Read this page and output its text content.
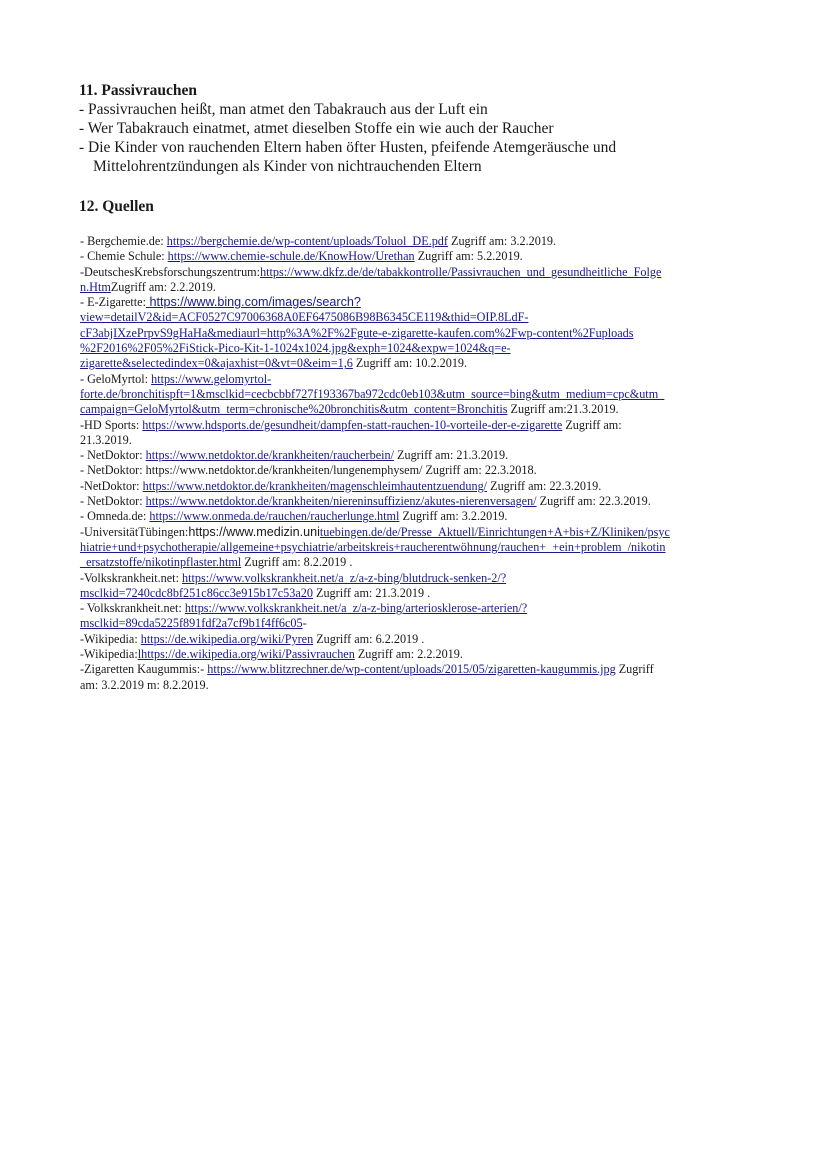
11. Passivrauchen
- Passivrauchen heißt, man atmet den Tabakrauch aus der Luft ein
- Wer Tabakrauch einatmet, atmet dieselben Stoffe ein wie auch der Raucher
- Die Kinder von rauchenden Eltern haben öfter Husten, pfeifende Atemgeräusche und
Mittelohrentzündungen als Kinder von nichtrauchenden Eltern
12. Quellen
- Bergchemie.de: https://bergchemie.de/wp-content/uploads/Toluol_DE.pdf Zugriff am: 3.2.2019.
- Chemie Schule: https://www.chemie-schule.de/KnowHow/Urethan Zugriff am: 5.2.2019.
-DeutschesKrebsforschungszentrum:https://www.dkfz.de/de/tabakkontrolle/Passivrauchen_und_gesundheitliche_Folge
n.HtmZugriff am: 2.2.2019.
- E-Zigarette: https://www.bing.com/images/search?
view=detailV2&id=ACF0527C97006368A0EF6475086B98B6345CE119&thid=OIP.8LdF-
cF3abjIXzePrpvS9gHaHa&mediaurl=http%3A%2F%2Fgute-e-zigarette-kaufen.com%2Fwp-content%2Fuploads
%2F2016%2F05%2FiStick-Pico-Kit-1-1024x1024.jpg&exph=1024&expw=1024&q=e-
zigarette&selectedindex=0&ajaxhist=0&vt=0&eim=1,6 Zugriff am: 10.2.2019.
- GeloMyrtol: https://www.gelomyrtol-
forte.de/bronchitispft=1&msclkid=cecbcbbf727f193367ba972cdc0eb103&utm_source=bing&utm_medium=cpc&utm_
campaign=GeloMyrtol&utm_term=chronische%20bronchitis&utm_content=Bronchitis Zugriff am:21.3.2019.
-HD Sports: https://www.hdsports.de/gesundheit/dampfen-statt-rauchen-10-vorteile-der-e-zigarette Zugriff am:
21.3.2019.
- NetDoktor: https://www.netdoktor.de/krankheiten/raucherbein/ Zugriff am: 21.3.2019.
- NetDoktor: https://www.netdoktor.de/krankheiten/lungenemphysem/ Zugriff am: 22.3.2018.
-NetDoktor: https://www.netdoktor.de/krankheiten/magenschleimhautentzuendung/ Zugriff am: 22.3.2019.
- NetDoktor: https://www.netdoktor.de/krankheiten/niereninsuffizienz/akutes-nierenversagen/ Zugriff am: 22.3.2019.
- Omneda.de: https://www.onmeda.de/rauchen/raucherlunge.html Zugriff am: 3.2.2019.
-UniversitätTübingen:https://www.medizin.unituebingen.de/de/Presse_Aktuell/Einrichtungen+A+bis+Z/Kliniken/psyc
hiatrie+und+psychotherapie/allgemeine+psychiatrie/arbeitskreis+raucherentwöhnung/rauchen+_+ein+problem_/nikotin
_ersatzstoffe/nikotinpflaster.html Zugriff am: 8.2.2019 .
-Volkskrankheit.net: https://www.volkskrankheit.net/a_z/a-z-bing/blutdruck-senken-2/?
msclkid=7240cdc8bf251c86cc3e915b17c53a20 Zugriff am: 21.3.2019 .
- Volkskrankheit.net: https://www.volkskrankheit.net/a_z/a-z-bing/arteriosklerose-arterien/?
msclkid=89cda5225f891fdf2a7cf9b1f4ff6c05-
-Wikipedia: https://de.wikipedia.org/wiki/Pyren Zugriff am: 6.2.2019 .
-Wikipedia:lhttps://de.wikipedia.org/wiki/Passivrauchen Zugriff am: 2.2.2019.
-Zigaretten Kaugummis:- https://www.blitzrechner.de/wp-content/uploads/2015/05/zigaretten-kaugummis.jpg Zugriff
am: 3.2.2019 m: 8.2.2019.
